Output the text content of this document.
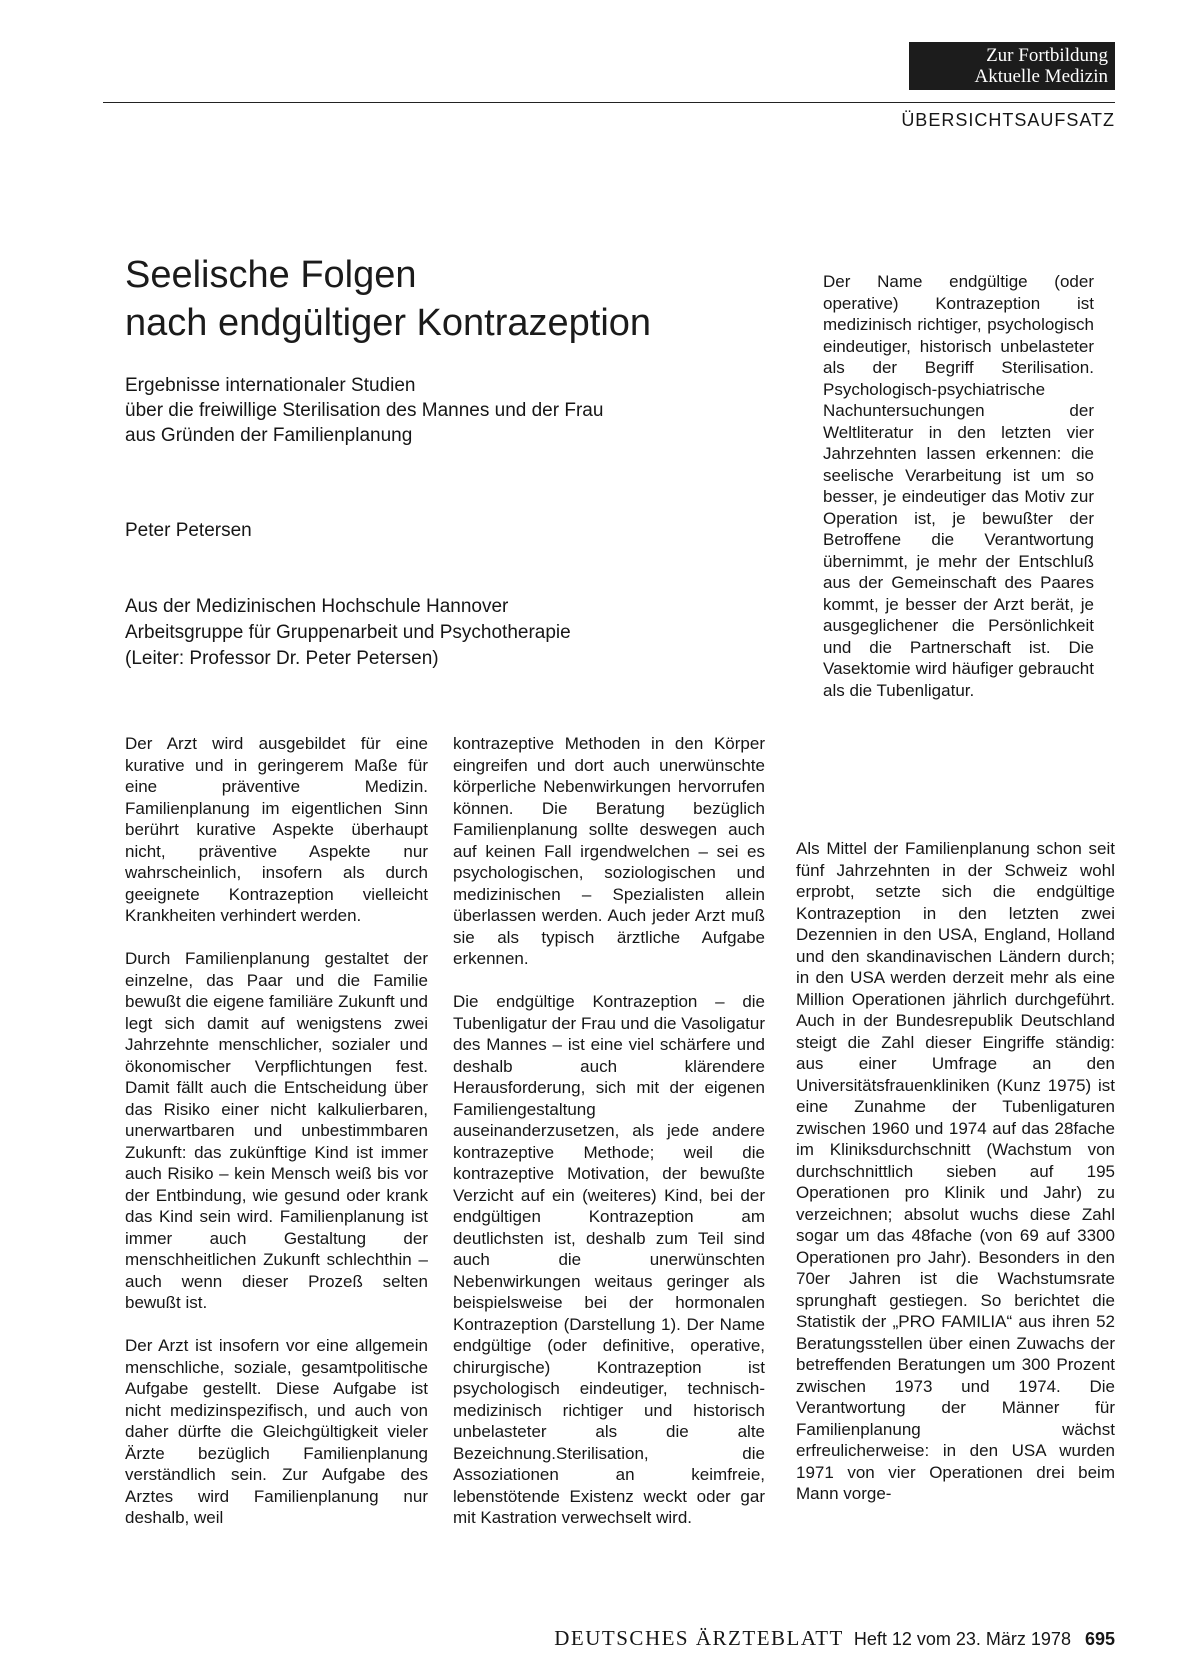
Zur Fortbildung
Aktuelle Medizin
ÜBERSICHTSAUFSATZ
Seelische Folgen
nach endgültiger Kontrazeption
Ergebnisse internationaler Studien
über die freiwillige Sterilisation des Mannes und der Frau
aus Gründen der Familienplanung
Peter Petersen
Aus der Medizinischen Hochschule Hannover
Arbeitsgruppe für Gruppenarbeit und Psychotherapie
(Leiter: Professor Dr. Peter Petersen)

Der Arzt wird ausgebildet für eine kurative und in geringerem Maße für eine präventive Medizin. Familienplanung im eigentlichen Sinn berührt kurative Aspekte überhaupt nicht, präventive Aspekte nur wahrscheinlich, insofern als durch geeignete Kontrazeption vielleicht Krankheiten verhindert werden.

Durch Familienplanung gestaltet der einzelne, das Paar und die Familie bewußt die eigene familiäre Zukunft und legt sich damit auf wenigstens zwei Jahrzehnte menschlicher, sozialer und ökonomischer Verpflichtungen fest. Damit fällt auch die Entscheidung über das Risiko einer nicht kalkulierbaren, unerwartbaren und unbestimmbaren Zukunft: das zukünftige Kind ist immer auch Risiko – kein Mensch weiß bis vor der Entbindung, wie gesund oder krank das Kind sein wird. Familienplanung ist immer auch Gestaltung der menschheitlichen Zukunft schlechthin – auch wenn dieser Prozeß selten bewußt ist.

Der Arzt ist insofern vor eine allgemein menschliche, soziale, gesamtpolitische Aufgabe gestellt. Diese Aufgabe ist nicht medizinspezifisch, und auch von daher dürfte die Gleichgültigkeit vieler Ärzte bezüglich Familienplanung verständlich sein. Zur Aufgabe des Arztes wird Familienplanung nur deshalb, weil

kontrazeptive Methoden in den Körper eingreifen und dort auch unerwünschte körperliche Nebenwirkungen hervorrufen können. Die Beratung bezüglich Familienplanung sollte deswegen auch auf keinen Fall irgendwelchen – sei es psychologischen, soziologischen und medizinischen – Spezialisten allein überlassen werden. Auch jeder Arzt muß sie als typisch ärztliche Aufgabe erkennen.

Die endgültige Kontrazeption – die Tubenligatur der Frau und die Vasoligatur des Mannes – ist eine viel schärfere und deshalb auch klärendere Herausforderung, sich mit der eigenen Familiengestaltung auseinanderzusetzen, als jede andere kontrazeptive Methode; weil die kontrazeptive Motivation, der bewußte Verzicht auf ein (weiteres) Kind, bei der endgültigen Kontrazeption am deutlichsten ist, deshalb zum Teil sind auch die unerwünschten Nebenwirkungen weitaus geringer als beispielsweise bei der hormonalen Kontrazeption (Darstellung 1). Der Name endgültige (oder definitive, operative, chirurgische) Kontrazeption ist psychologisch eindeutiger, technisch-medizinisch richtiger und historisch unbelasteter als die alte Bezeichnung.Sterilisation, die Assoziationen an keimfreie, lebenstötende Existenz weckt oder gar mit Kastration verwechselt wird.

Der Name endgültige (oder operative) Kontrazeption ist medizinisch richtiger, psychologisch eindeutiger, historisch unbelasteter als der Begriff Sterilisation. Psychologisch-psychiatrische Nachuntersuchungen der Weltliteratur in den letzten vier Jahrzehnten lassen erkennen: die seelische Verarbeitung ist um so besser, je eindeutiger das Motiv zur Operation ist, je bewußter der Betroffene die Verantwortung übernimmt, je mehr der Entschluß aus der Gemeinschaft des Paares kommt, je besser der Arzt berät, je ausgeglichener die Persönlichkeit und die Partnerschaft ist. Die Vasektomie wird häufiger gebraucht als die Tubenligatur.

Als Mittel der Familienplanung schon seit fünf Jahrzehnten in der Schweiz wohl erprobt, setzte sich die endgültige Kontrazeption in den letzten zwei Dezennien in den USA, England, Holland und den skandinavischen Ländern durch; in den USA werden derzeit mehr als eine Million Operationen jährlich durchgeführt. Auch in der Bundesrepublik Deutschland steigt die Zahl dieser Eingriffe ständig: aus einer Umfrage an den Universitätsfrauenkliniken (Kunz 1975) ist eine Zunahme der Tubenligaturen zwischen 1960 und 1974 auf das 28fache im Kliniksdurchschnitt (Wachstum von durchschnittlich sieben auf 195 Operationen pro Klinik und Jahr) zu verzeichnen; absolut wuchs diese Zahl sogar um das 48fache (von 69 auf 3300 Operationen pro Jahr). Besonders in den 70er Jahren ist die Wachstumsrate sprunghaft gestiegen. So berichtet die Statistik der „PRO FAMILIA“ aus ihren 52 Beratungsstellen über einen Zuwachs der betreffenden Beratungen um 300 Prozent zwischen 1973 und 1974. Die Verantwortung der Männer für Familienplanung wächst erfreulicherweise: in den USA wurden 1971 von vier Operationen drei beim Mann vorge-

DEUTSCHES ÄRZTEBLATT Heft 12 vom 23. März 1978 695
